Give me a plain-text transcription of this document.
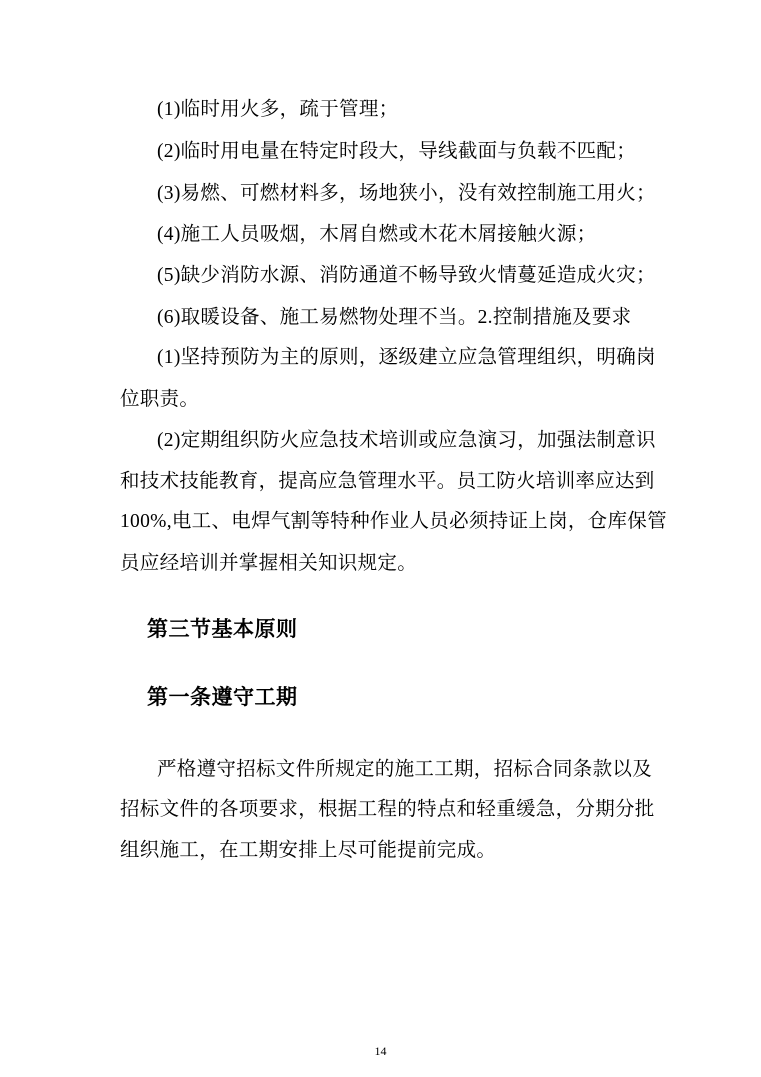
(1)临时用火多，疏于管理；
(2)临时用电量在特定时段大，导线截面与负载不匹配；
(3)易燃、可燃材料多，场地狭小，没有效控制施工用火；
(4)施工人员吸烟，木屑自燃或木花木屑接触火源；
(5)缺少消防水源、消防通道不畅导致火情蔓延造成火灾；
(6)取暖设备、施工易燃物处理不当。2.控制措施及要求
(1)坚持预防为主的原则，逐级建立应急管理组织，明确岗
位职责。
(2)定期组织防火应急技术培训或应急演习，加强法制意识
和技术技能教育，提高应急管理水平。员工防火培训率应达到
100%,电工、电焊气割等特种作业人员必须持证上岗，仓库保管
员应经培训并掌握相关知识规定。
第三节基本原则
第一条遵守工期
严格遵守招标文件所规定的施工工期，招标合同条款以及
招标文件的各项要求，根据工程的特点和轻重缓急，分期分批
组织施工，在工期安排上尽可能提前完成。
14
